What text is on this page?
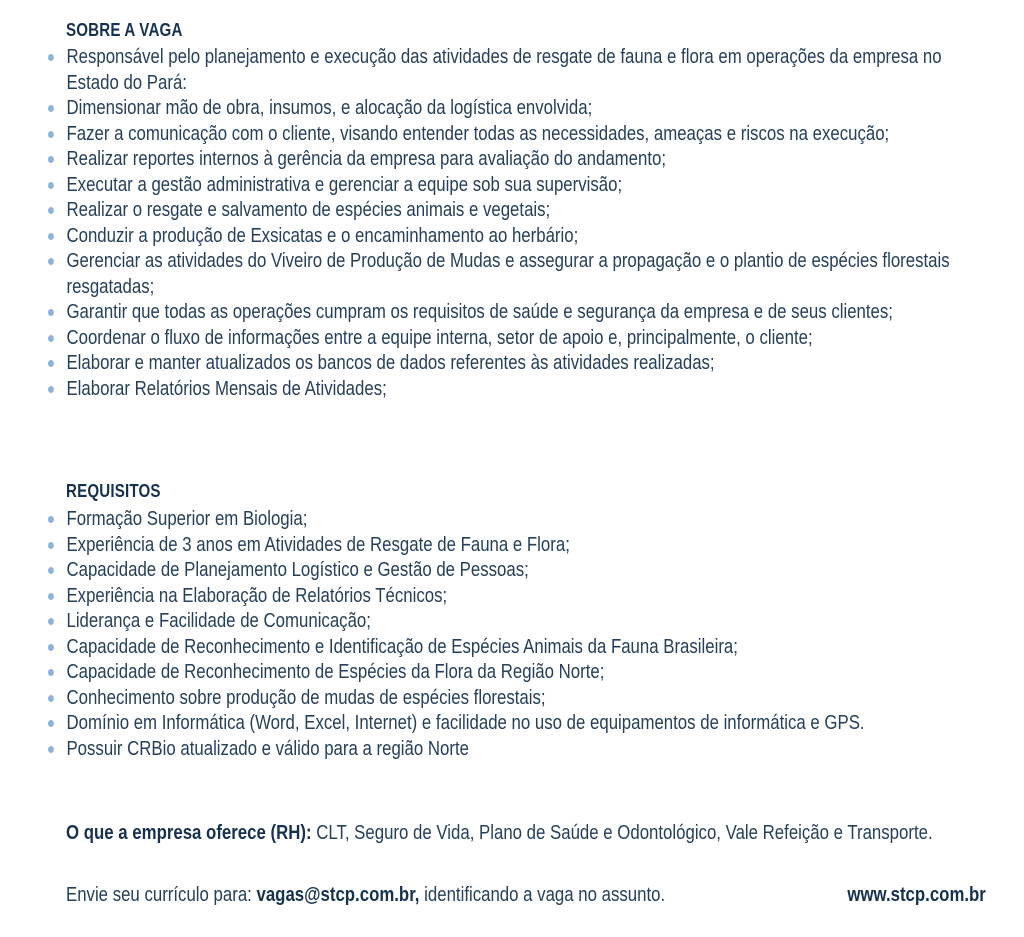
SOBRE A VAGA
Responsável pelo planejamento e execução das atividades de resgate de fauna e flora em operações da empresa no Estado do Pará:
Dimensionar mão de obra, insumos, e alocação da logística envolvida;
Fazer a comunicação com o cliente, visando entender todas as necessidades, ameaças e riscos na execução;
Realizar reportes internos à gerência da empresa para avaliação do andamento;
Executar a gestão administrativa e gerenciar a equipe sob sua supervisão;
Realizar o resgate e salvamento de espécies animais e vegetais;
Conduzir a produção de Exsicatas e o encaminhamento ao herbário;
Gerenciar as atividades do Viveiro de Produção de Mudas e assegurar a propagação e o plantio de espécies florestais resgatadas;
Garantir que todas as operações cumpram os requisitos de saúde e segurança da empresa e de seus clientes;
Coordenar o fluxo de informações entre a equipe interna, setor de apoio e, principalmente, o cliente;
Elaborar e manter atualizados os bancos de dados referentes às atividades realizadas;
Elaborar Relatórios Mensais de Atividades;
REQUISITOS
Formação Superior em Biologia;
Experiência de 3 anos em Atividades de Resgate de Fauna e Flora;
Capacidade de Planejamento Logístico e Gestão de Pessoas;
Experiência na Elaboração de Relatórios Técnicos;
Liderança e Facilidade de Comunicação;
Capacidade de Reconhecimento e Identificação de Espécies Animais da Fauna Brasileira;
Capacidade de Reconhecimento de Espécies da Flora da Região Norte;
Conhecimento sobre produção de mudas de espécies florestais;
Domínio em Informática (Word, Excel, Internet) e facilidade no uso de equipamentos de informática e GPS.
Possuir CRBio atualizado e válido para a região Norte
O que a empresa oferece (RH): CLT, Seguro de Vida, Plano de Saúde e Odontológico, Vale Refeição e Transporte.
Envie seu currículo para: vagas@stcp.com.br, identificando a vaga no assunto.	www.stcp.com.br
